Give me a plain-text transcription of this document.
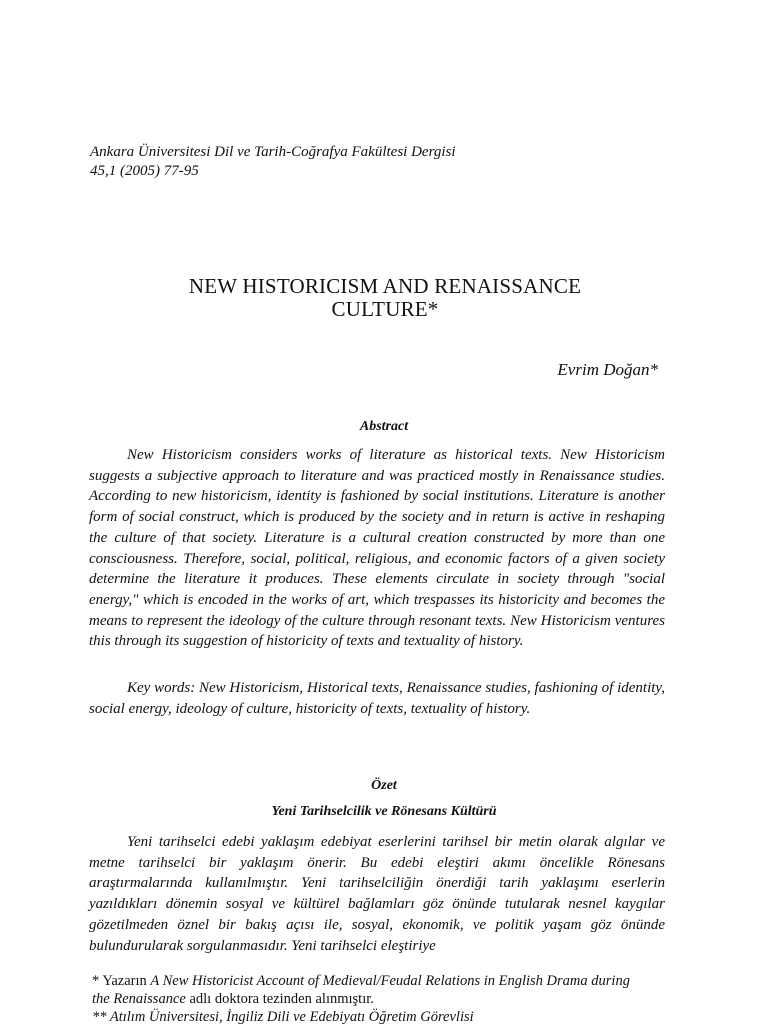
Ankara Üniversitesi Dil ve Tarih-Coğrafya Fakültesi Dergisi
45,1 (2005) 77-95
NEW HISTORICISM AND RENAISSANCE
CULTURE*
Evrim Doğan*
Abstract

New Historicism considers works of literature as historical texts. New Historicism suggests a subjective approach to literature and was practiced mostly in Renaissance studies. According to new historicism, identity is fashioned by social institutions. Literature is another form of social construct, which is produced by the society and in return is active in reshaping the culture of that society. Literature is a cultural creation constructed by more than one consciousness. Therefore, social, political, religious, and economic factors of a given society determine the literature it produces. These elements circulate in society through "social energy," which is encoded in the works of art, which trespasses its historicity and becomes the means to represent the ideology of the culture through resonant texts. New Historicism ventures this through its suggestion of historicity of texts and textuality of history.

Key words: New Historicism, Historical texts, Renaissance studies, fashioning of identity, social energy, ideology of culture, historicity of texts, textuality of history.

Özet
Yeni Tarihselcilik ve Rönesans Kültürü

Yeni tarihselci edebi yaklaşım edebiyat eserlerini tarihsel bir metin olarak algılar ve metne tarihselci bir yaklaşım önerir. Bu edebi eleştiri akımı öncelikle Rönesans araştırmalarında kullanılmıştır. Yeni tarihselciliğin önerdiği tarih yaklaşımı eserlerin yazıldıkları dönemin sosyal ve kültürel bağlamları göz önünde tutularak nesnel kaygılar gözetilmeden öznel bir bakış açısı ile, sosyal, ekonomik, ve politik yaşam göz önünde bulundurularak sorgulanmasıdır. Yeni tarihselci eleştiriye

* Yazarın A New Historicist Account of Medieval/Feudal Relations in English Drama during
the Renaissance adlı doktora tezinden alınmıştır.
** Atılım Üniversitesi, İngiliz Dili ve Edebiyatı Öğretim Görevlisi
